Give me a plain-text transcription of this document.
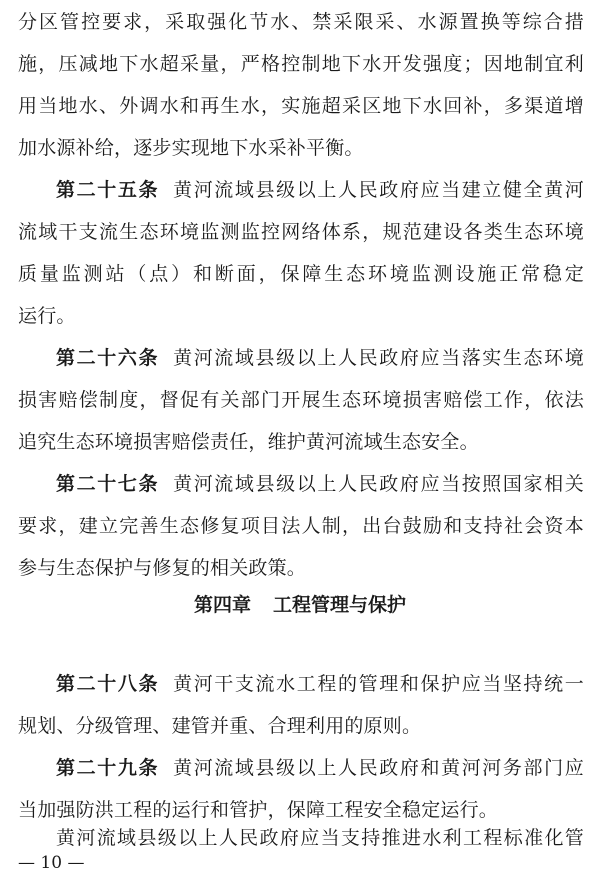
分区管控要求，采取强化节水、禁采限采、水源置换等综合措
施，压减地下水超采量，严格控制地下水开发强度；因地制宜利
用当地水、外调水和再生水，实施超采区地下水回补，多渠道增
加水源补给，逐步实现地下水采补平衡。
第二十五条 黄河流域县级以上人民政府应当建立健全黄河
流域干支流生态环境监测监控网络体系，规范建设各类生态环境
质量监测站（点）和断面，保障生态环境监测设施正常稳定
运行。
第二十六条 黄河流域县级以上人民政府应当落实生态环境
损害赔偿制度，督促有关部门开展生态环境损害赔偿工作，依法
追究生态环境损害赔偿责任，维护黄河流域生态安全。
第二十七条 黄河流域县级以上人民政府应当按照国家相关
要求，建立完善生态修复项目法人制，出台鼓励和支持社会资本
参与生态保护与修复的相关政策。
第四章 工程管理与保护
第二十八条 黄河干支流水工程的管理和保护应当坚持统一
规划、分级管理、建管并重、合理利用的原则。
第二十九条 黄河流域县级以上人民政府和黄河河务部门应
当加强防洪工程的运行和管护，保障工程安全稳定运行。
黄河流域县级以上人民政府应当支持推进水利工程标准化管
— 10 —
